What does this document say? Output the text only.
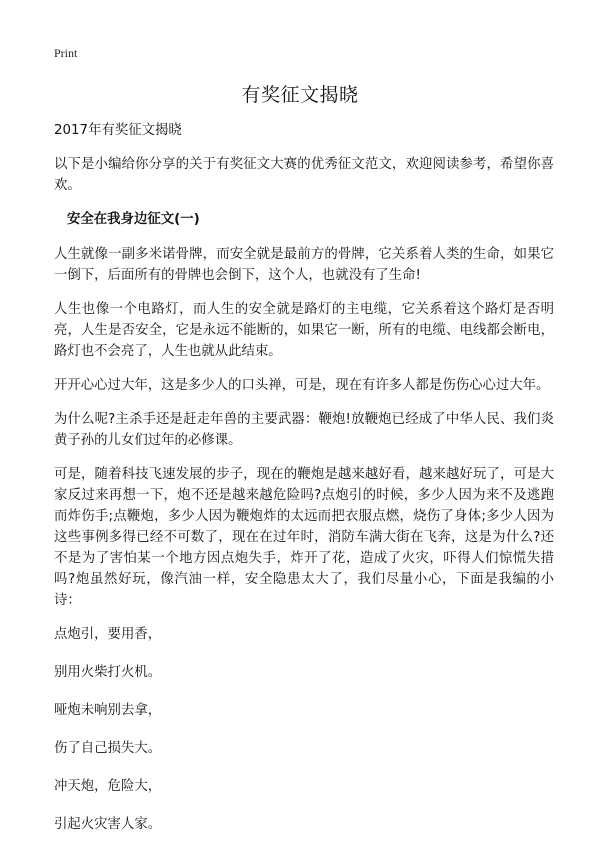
Print
有奖征文揭晓

2017年有奖征文揭晓

以下是小编给你分享的关于有奖征文大赛的优秀征文范文，欢迎阅读参考，希望你喜欢。

安全在我身边征文(一)

人生就像一副多米诺骨牌，而安全就是最前方的骨牌，它关系着人类的生命，如果它一倒下，后面所有的骨牌也会倒下，这个人，也就没有了生命!

人生也像一个电路灯，而人生的安全就是路灯的主电缆，它关系着这个路灯是否明亮，人生是否安全，它是永远不能断的，如果它一断，所有的电缆、电线都会断电，路灯也不会亮了，人生也就从此结束。

开开心心过大年，这是多少人的口头禅，可是，现在有许多人都是伤伤心心过大年。

为什么呢?主杀手还是赶走年兽的主要武器：鞭炮!放鞭炮已经成了中华人民、我们炎黄子孙的儿女们过年的必修课。

可是，随着科技飞速发展的步子，现在的鞭炮是越来越好看，越来越好玩了，可是大家反过来再想一下，炮不还是越来越危险吗?点炮引的时候，多少人因为来不及逃跑而炸伤手;点鞭炮，多少人因为鞭炮炸的太远而把衣服点燃，烧伤了身体;多少人因为这些事例多得已经不可数了，现在在过年时，消防车满大街在飞奔，这是为什么?还不是为了害怕某一个地方因点炮失手，炸开了花，造成了火灾，吓得人们惊慌失措吗?炮虽然好玩，像汽油一样，安全隐患太大了，我们尽量小心，下面是我编的小诗：

点炮引，要用香，

别用火柴打火机。

哑炮未响别去拿，

伤了自己损失大。

冲天炮，危险大，

引起火灾害人家。
